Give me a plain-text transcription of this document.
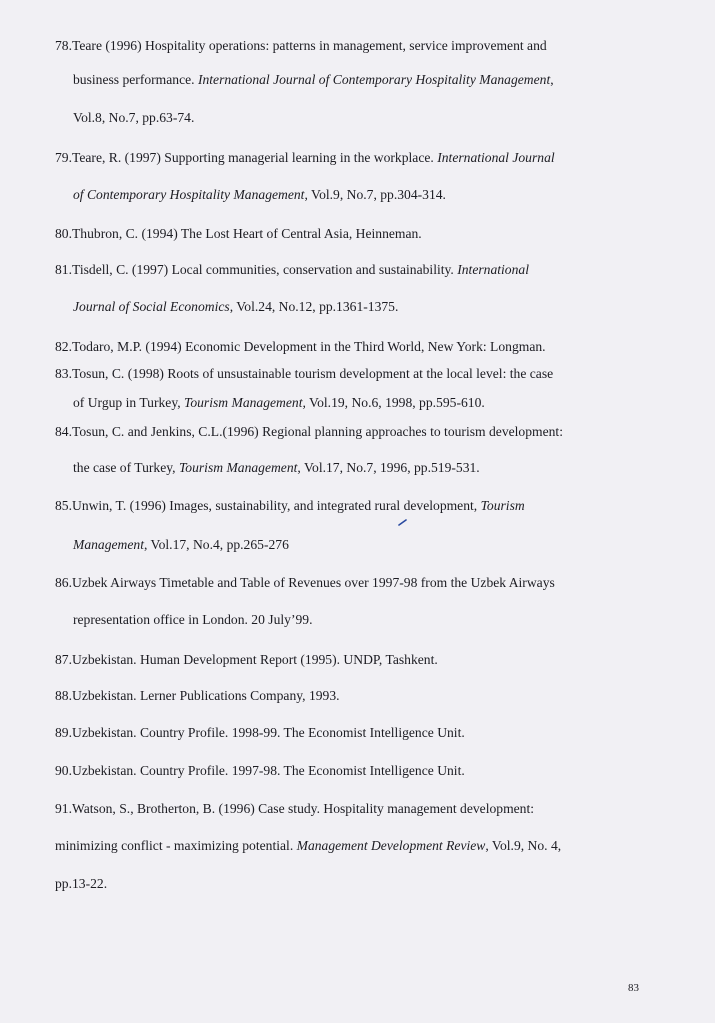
78.Teare (1996) Hospitality operations: patterns in management, service improvement and
business performance. International Journal of Contemporary Hospitality Management,
Vol.8, No.7, pp.63-74.
79.Teare, R. (1997) Supporting managerial learning in the workplace. International Journal
of Contemporary Hospitality Management, Vol.9, No.7, pp.304-314.
80.Thubron, C. (1994) The Lost Heart of Central Asia, Heinneman.
81.Tisdell, C. (1997) Local communities, conservation and sustainability. International
Journal of Social Economics, Vol.24, No.12, pp.1361-1375.
82.Todaro, M.P. (1994) Economic Development in the Third World, New York: Longman.
83.Tosun, C. (1998) Roots of unsustainable tourism development at the local level: the case
of Urgup in Turkey, Tourism Management, Vol.19, No.6, 1998, pp.595-610.
84.Tosun, C. and Jenkins, C.L.(1996) Regional planning approaches to tourism development:
the case of Turkey, Tourism Management, Vol.17, No.7, 1996, pp.519-531.
85.Unwin, T. (1996) Images, sustainability, and integrated rural development, Tourism
Management, Vol.17, No.4, pp.265-276
86.Uzbek Airways Timetable and Table of Revenues over 1997-98 from the Uzbek Airways
representation office in London. 20 July’99.
87.Uzbekistan. Human Development Report (1995). UNDP, Tashkent.
88.Uzbekistan. Lerner Publications Company, 1993.
89.Uzbekistan. Country Profile. 1998-99. The Economist Intelligence Unit.
90.Uzbekistan. Country Profile. 1997-98. The Economist Intelligence Unit.
91.Watson, S., Brotherton, B. (1996) Case study. Hospitality management development:
minimizing conflict - maximizing potential. Management Development Review, Vol.9, No. 4,
pp.13-22.
83
